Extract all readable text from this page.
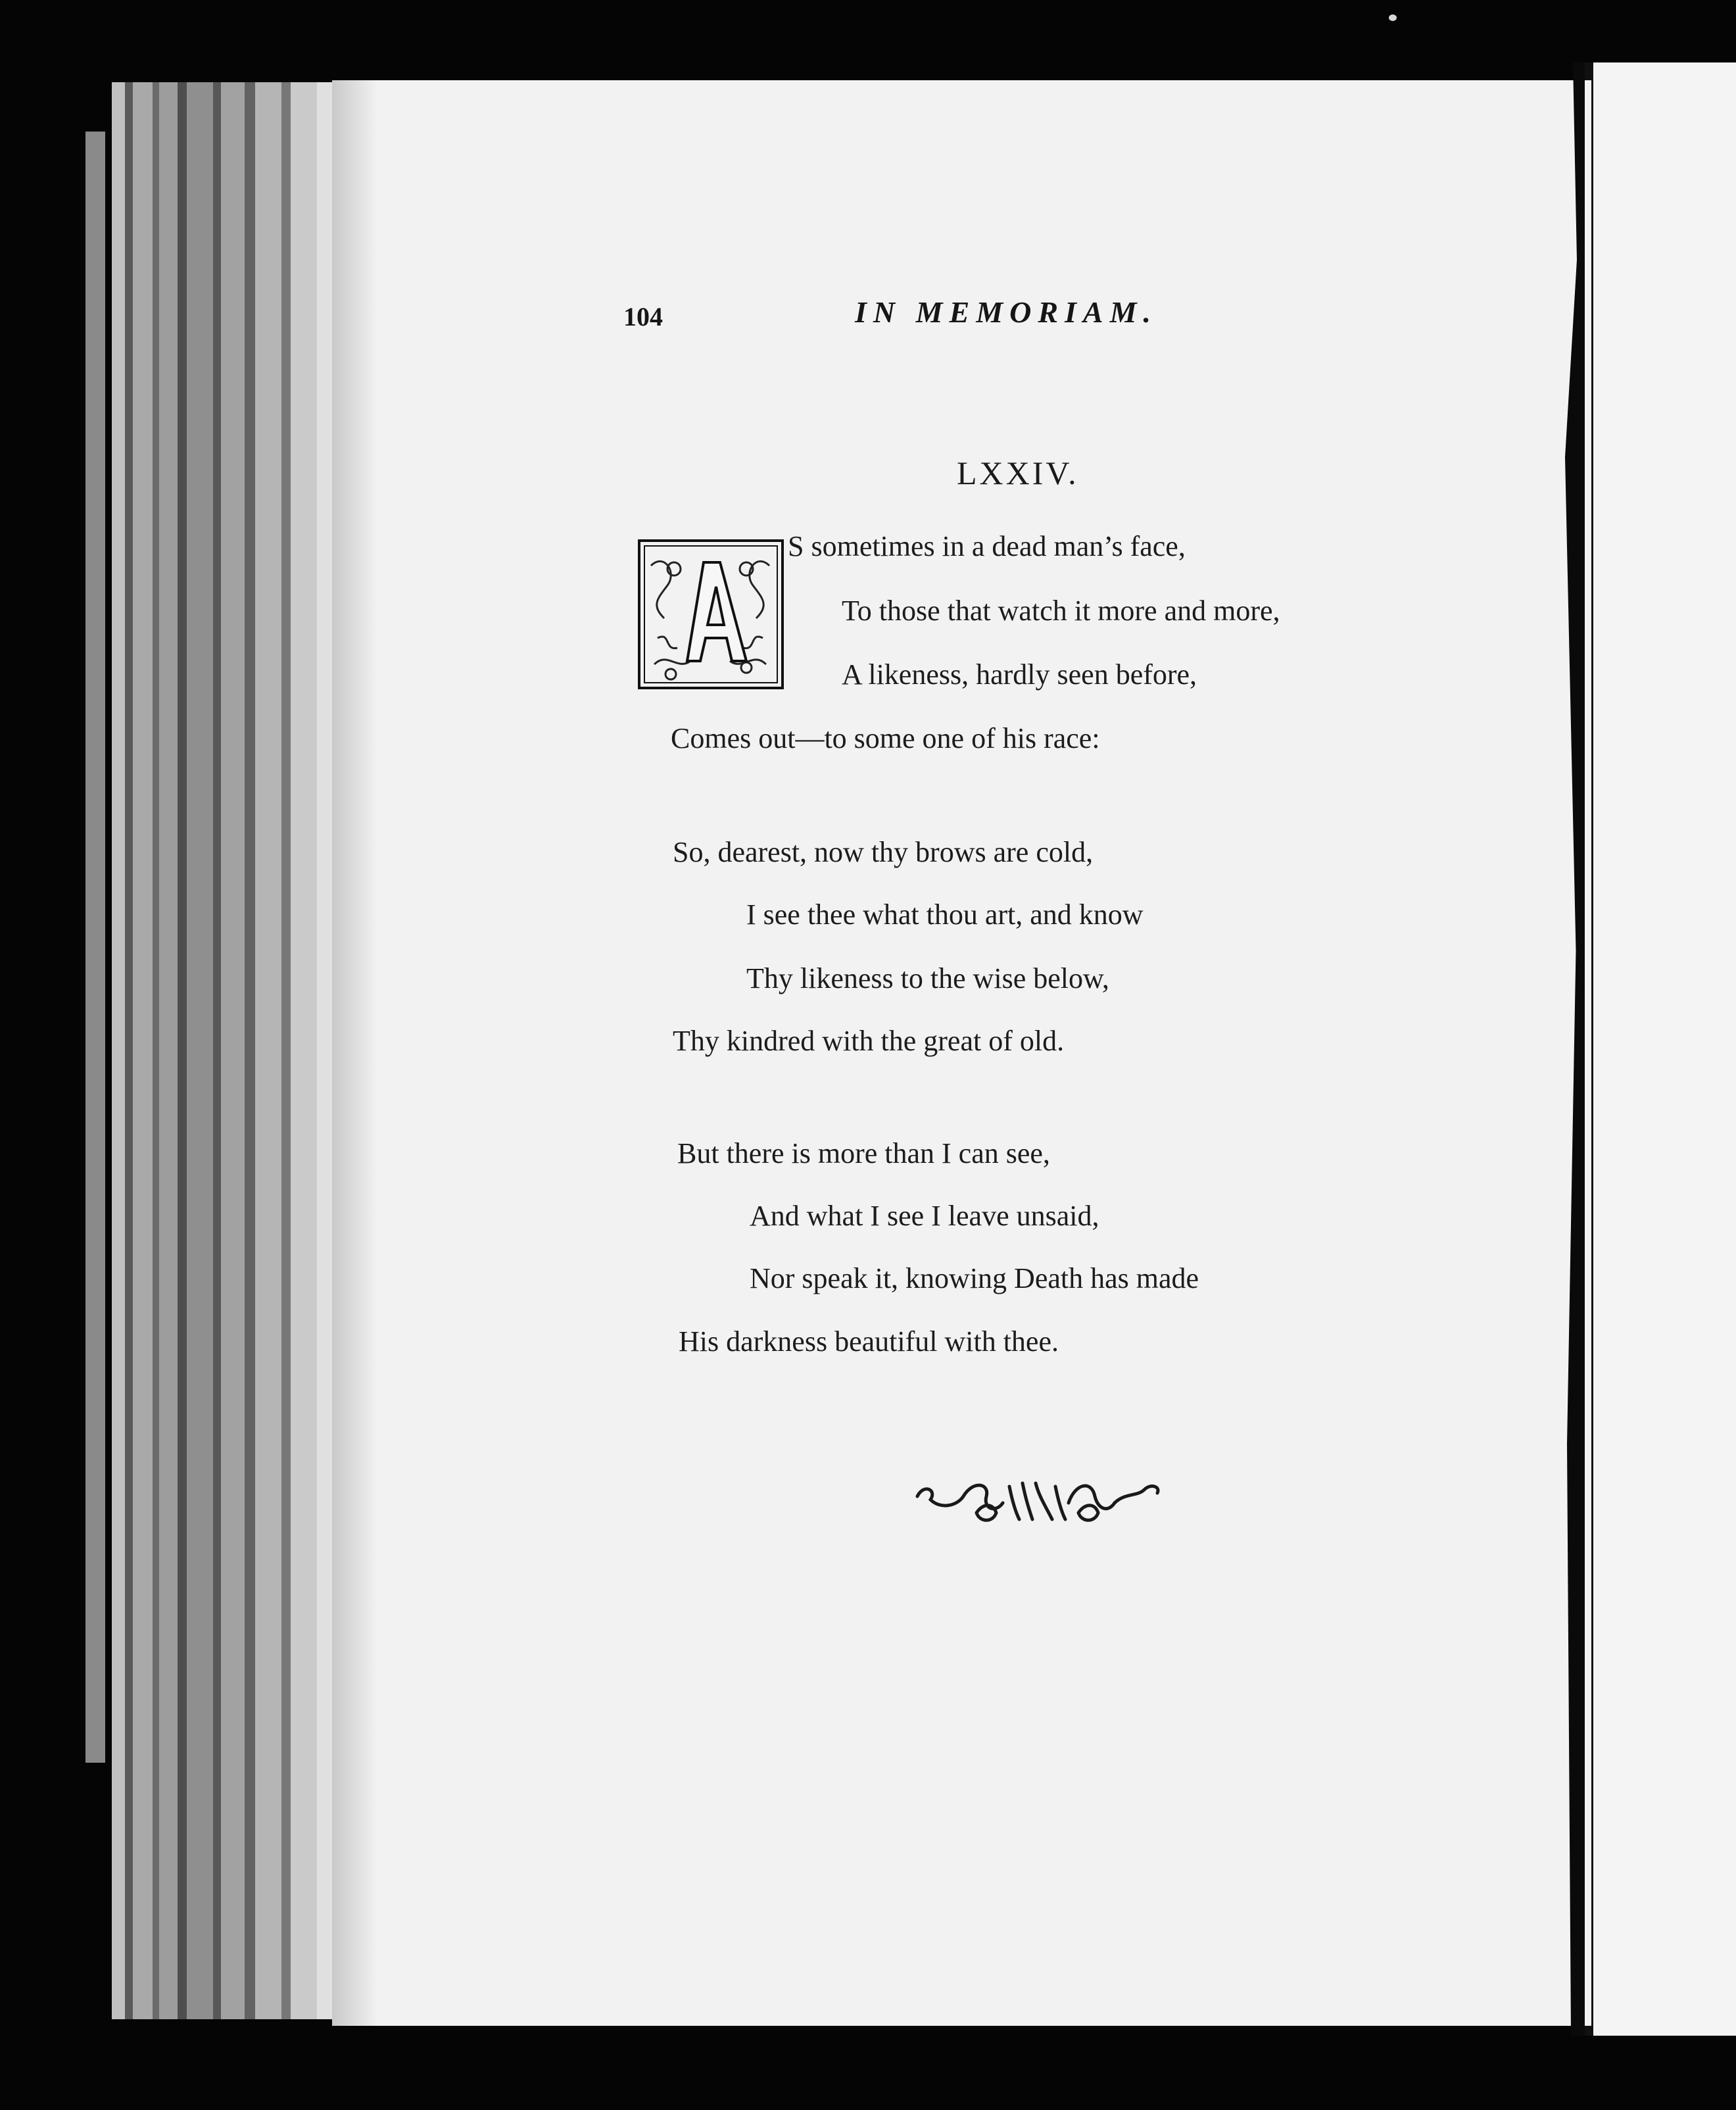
104	IN MEMORIAM.
LXXIV.
S sometimes in a dead man’s face,
To those that watch it more and more,
A likeness, hardly seen before,
Comes out—to some one of his race:
So, dearest, now thy brows are cold,
I see thee what thou art, and know
Thy likeness to the wise below,
Thy kindred with the great of old.
But there is more than I can see,
And what I see I leave unsaid,
Nor speak it, knowing Death has made
His darkness beautiful with thee.
